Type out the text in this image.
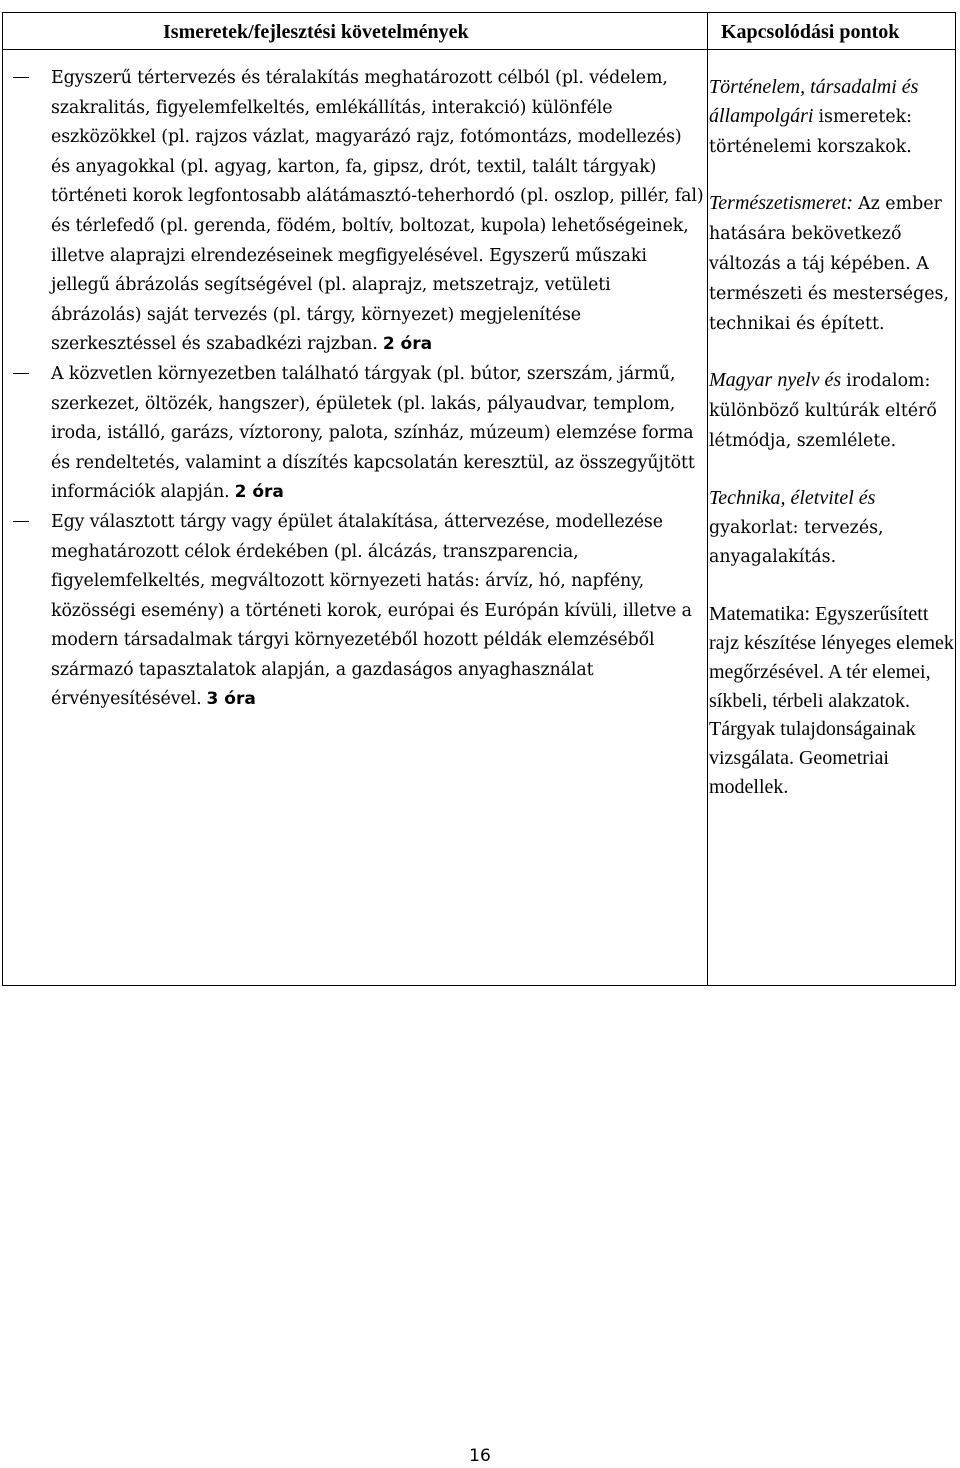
Ismeretek/fejlesztési követelmények	Kapcsolódási pontok
Egyszerű tértervezés és téralakítás meghatározott célból (pl. védelem, szakralitás, figyelemfelkeltés, emlékállítás, interakció) különféle eszközökkel (pl. rajzos vázlat, magyarázó rajz, fotómontázs, modellezés) és anyagokkal (pl. agyag, karton, fa, gipsz, drót, textil, talált tárgyak) történeti korok legfontosabb alátámasztó-teherhordó (pl. oszlop, pillér, fal) és térlefedő (pl. gerenda, födém, boltív, boltozat, kupola) lehetőségeinek, illetve alaprajzi elrendezéseinek megfigyelésével. Egyszerű műszaki jellegű ábrázolás segítségével (pl. alaprajz, metszetrajz, vetületi ábrázolás) saját tervezés (pl. tárgy, környezet) megjelenítése szerkesztéssel és szabadkézi rajzban. 2 óra
A közvetlen környezetben található tárgyak (pl. bútor, szerszám, jármű, szerkezet, öltözék, hangszer), épületek (pl. lakás, pályaudvar, templom, iroda, istálló, garázs, víztorony, palota, színház, múzeum) elemzése forma és rendeltetés, valamint a díszítés kapcsolatán keresztül, az összegyűjtött információk alapján. 2 óra
Egy választott tárgy vagy épület átalakítása, áttervezése, modellezése meghatározott célok érdekében (pl. álcázás, transzparencia, figyelemfelkeltés, megváltozott környezeti hatás: árvíz, hó, napfény, közösségi esemény) a történeti korok, európai és Európán kívüli, illetve a modern társadalmak tárgyi környezetéből hozott példák elemzéséből származó tapasztalatok alapján, a gazdaságos anyaghasználat érvényesítésével. 3 óra
Történelem, társadalmi és állampolgári ismeretek: történelemi korszakok.
Természetismeret: Az ember hatására bekövetkező változás a táj képében. A természeti és mesterséges, technikai és épített.
Magyar nyelv és irodalom: különböző kultúrák eltérő létmódja, szemlélete.
Technika, életvitel és gyakorlat: tervezés, anyagalakítás.
Matematika: Egyszerűsített rajz készítése lényeges elemek megőrzésével. A tér elemei, síkbeli, térbeli alakzatok. Tárgyak tulajdonságainak vizsgálata. Geometriai modellek.
16
